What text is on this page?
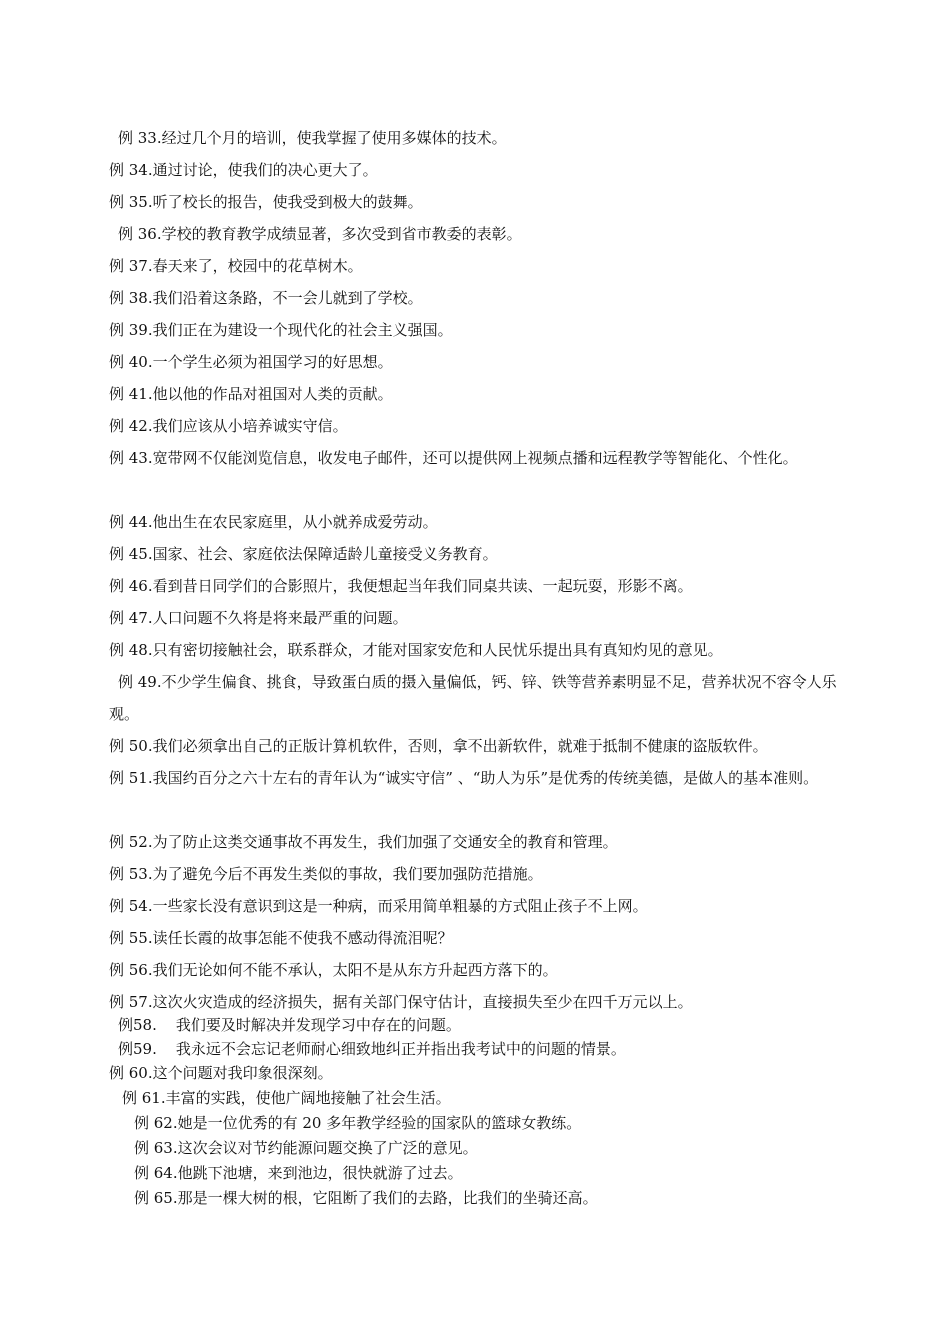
例 33.经过几个月的培训，使我掌握了使用多媒体的技术。
例 34.通过讨论，使我们的决心更大了。
例 35.听了校长的报告，使我受到极大的鼓舞。
例 36.学校的教育教学成绩显著，多次受到省市教委的表彰。
例 37.春天来了，校园中的花草树木。
例 38.我们沿着这条路，不一会儿就到了学校。
例 39.我们正在为建设一个现代化的社会主义强国。
例 40.一个学生必须为祖国学习的好思想。
例 41.他以他的作品对祖国对人类的贡献。
例 42.我们应该从小培养诚实守信。
例 43.宽带网不仅能浏览信息，收发电子邮件，还可以提供网上视频点播和远程教学等智能化、个性化。
例 44.他出生在农民家庭里，从小就养成爱劳动。
例 45.国家、社会、家庭依法保障适龄儿童接受义务教育。
例 46.看到昔日同学们的合影照片，我便想起当年我们同桌共读、一起玩耍，形影不离。
例 47.人口问题不久将是将来最严重的问题。
例 48.只有密切接触社会，联系群众，才能对国家安危和人民忧乐提出具有真知灼见的意见。
例 49.不少学生偏食、挑食，导致蛋白质的摄入量偏低，钙、锌、铁等营养素明显不足，营养状况不容令人乐观。
例 50.我们必须拿出自己的正版计算机软件，否则，拿不出新软件，就难于抵制不健康的盗版软件。
例 51.我国约百分之六十左右的青年认为“诚实守信” 、“助人为乐”是优秀的传统美德，是做人的基本准则。
例 52.为了防止这类交通事故不再发生，我们加强了交通安全的教育和管理。
例 53.为了避免今后不再发生类似的事故，我们要加强防范措施。
例 54.一些家长没有意识到这是一种病，而采用简单粗暴的方式阻止孩子不上网。
例 55.读任长霞的故事怎能不使我不感动得流泪呢？
例 56.我们无论如何不能不承认，太阳不是从东方升起西方落下的。
例 57.这次火灾造成的经济损失，据有关部门保守估计，直接损失至少在四千万元以上。
例58.    我们要及时解决并发现学习中存在的问题。
例59.    我永远不会忘记老师耐心细致地纠正并指出我考试中的问题的情景。
例 60.这个问题对我印象很深刻。
例 61.丰富的实践，使他广阔地接触了社会生活。
例 62.她是一位优秀的有 20 多年教学经验的国家队的篮球女教练。
例 63.这次会议对节约能源问题交换了广泛的意见。
例 64.他跳下池塘，来到池边，很快就游了过去。
例 65.那是一棵大树的根，它阻断了我们的去路，比我们的坐骑还高。
